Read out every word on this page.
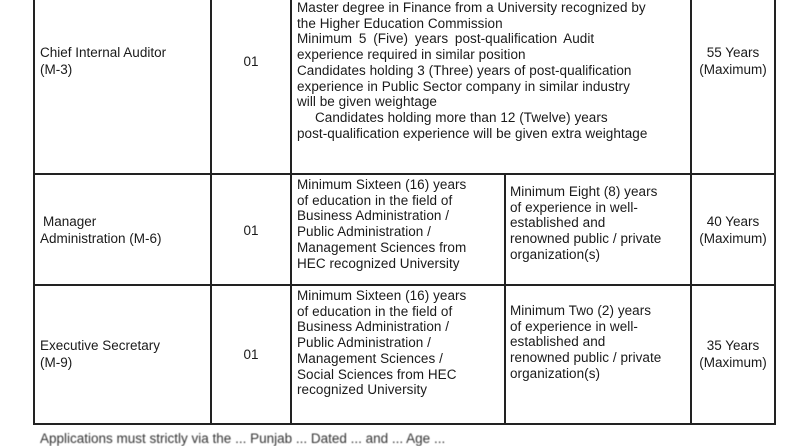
Chief Internal Auditor
(M-3)
01
Master degree in Finance from a University recognized by
the Higher Education Commission
Minimum 5 (Five) years post-qualification Audit
experience required in similar position
Candidates holding 3 (Three) years of post-qualification
experience in Public Sector company in similar industry
will be given weightage
Candidates holding more than 12 (Twelve) years
post-qualification experience will be given extra weightage
55 Years
(Maximum)
Manager
Administration (M-6)
01
Minimum Sixteen (16) years
of education in the field of
Business Administration /
Public Administration /
Management Sciences from
HEC recognized University
Minimum Eight (8) years
of experience in well-
established and
renowned public / private
organization(s)
40 Years
(Maximum)
Executive Secretary
(M-9)
01
Minimum Sixteen (16) years
of education in the field of
Business Administration /
Public Administration /
Management Sciences /
Social Sciences from HEC
recognized University
Minimum Two (2) years
of experience in well-
established and
renowned public / private
organization(s)
35 Years
(Maximum)
Applications must strictly via the ... Punjab ... Dated ... and ... Age ...
